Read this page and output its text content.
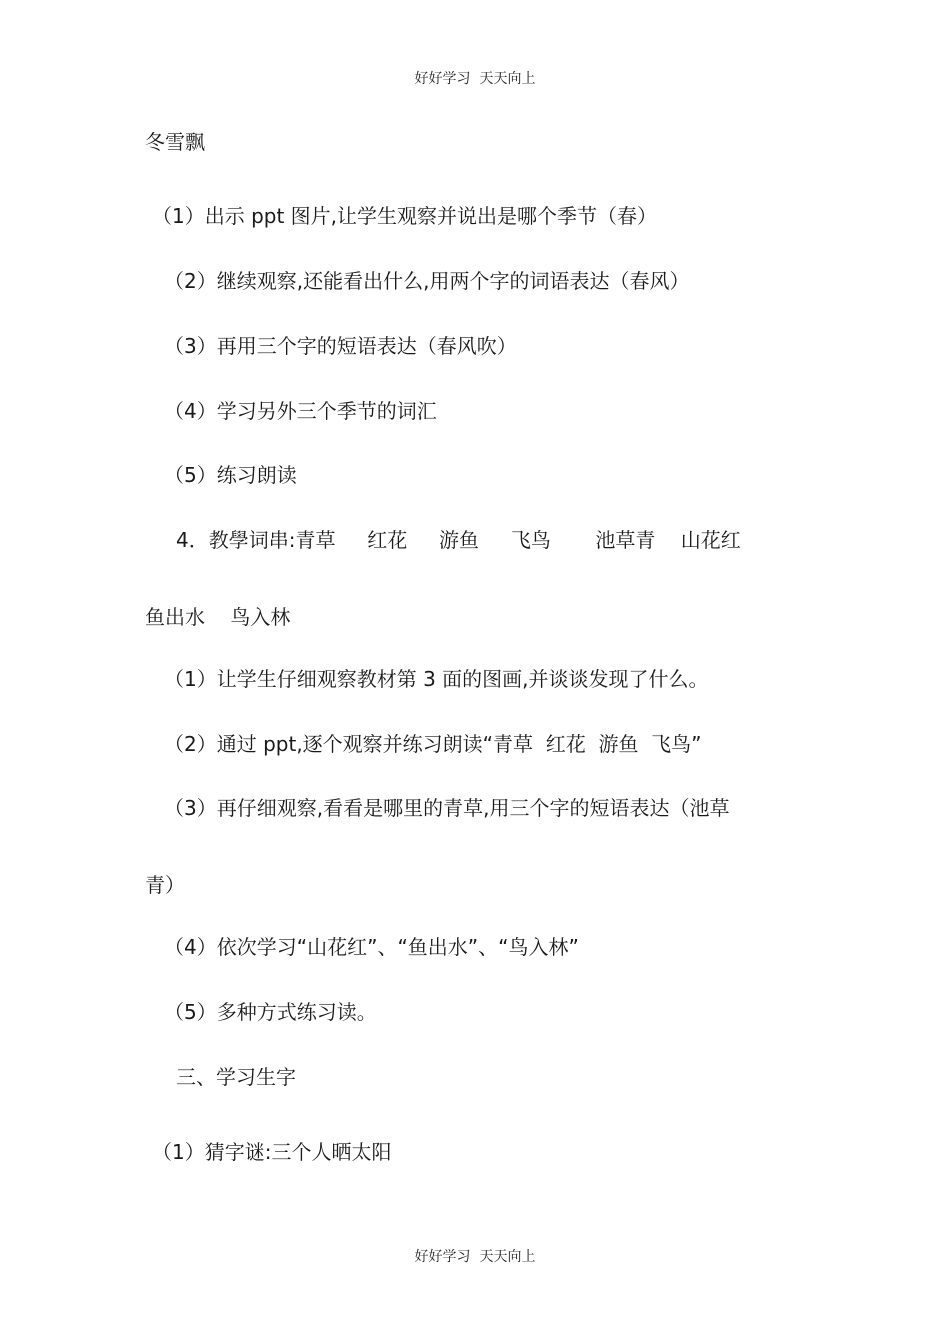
好好学习  天天向上
冬雪飘
（1）出示 ppt 图片,让学生观察并说出是哪个季节（春）
（2）继续观察,还能看出什么,用两个字的词语表达（春风）
（3）再用三个字的短语表达（春风吹）
（4）学习另外三个季节的词汇
（5）练习朗读
4．教學词串:青草     红花     游鱼     飞鸟       池草青    山花红
鱼出水    鸟入林
（1）让学生仔细观察教材第 3 面的图画,并谈谈发现了什么。
（2）通过 ppt,逐个观察并练习朗读“青草  红花  游鱼  飞鸟”
（3）再仔细观察,看看是哪里的青草,用三个字的短语表达（池草
青）
（4）依次学习“山花红”、“鱼出水”、“鸟入林”
（5）多种方式练习读。
三、学习生字
（1）猜字谜:三个人晒太阳
好好学习  天天向上
